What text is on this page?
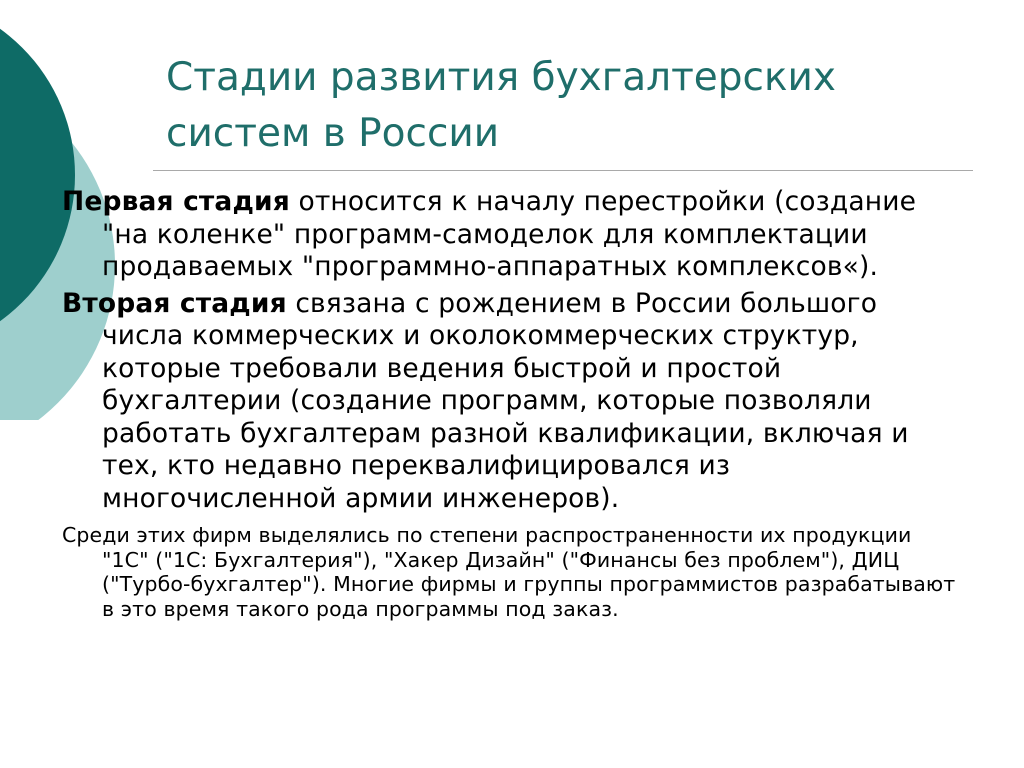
Стадии развития бухгалтерских систем в России

Первая стадия относится к началу перестройки (создание "на коленке" программ-самоделок для комплектации продаваемых "программно-аппаратных комплексов«).

Вторая стадия связана с рождением в России большого числа коммерческих и околокоммерческих структур, которые требовали ведения быстрой и простой бухгалтерии (создание программ, которые позволяли работать бухгалтерам разной квалификации, включая и тех, кто недавно переквалифицировался из многочисленной армии инженеров).

Среди этих фирм выделялись по степени распространенности их продукции "1С" ("1С: Бухгалтерия"), "Хакер Дизайн" ("Финансы без проблем"), ДИЦ ("Турбо-бухгалтер"). Многие фирмы и группы программистов разрабатывают в это время такого рода программы под заказ.
